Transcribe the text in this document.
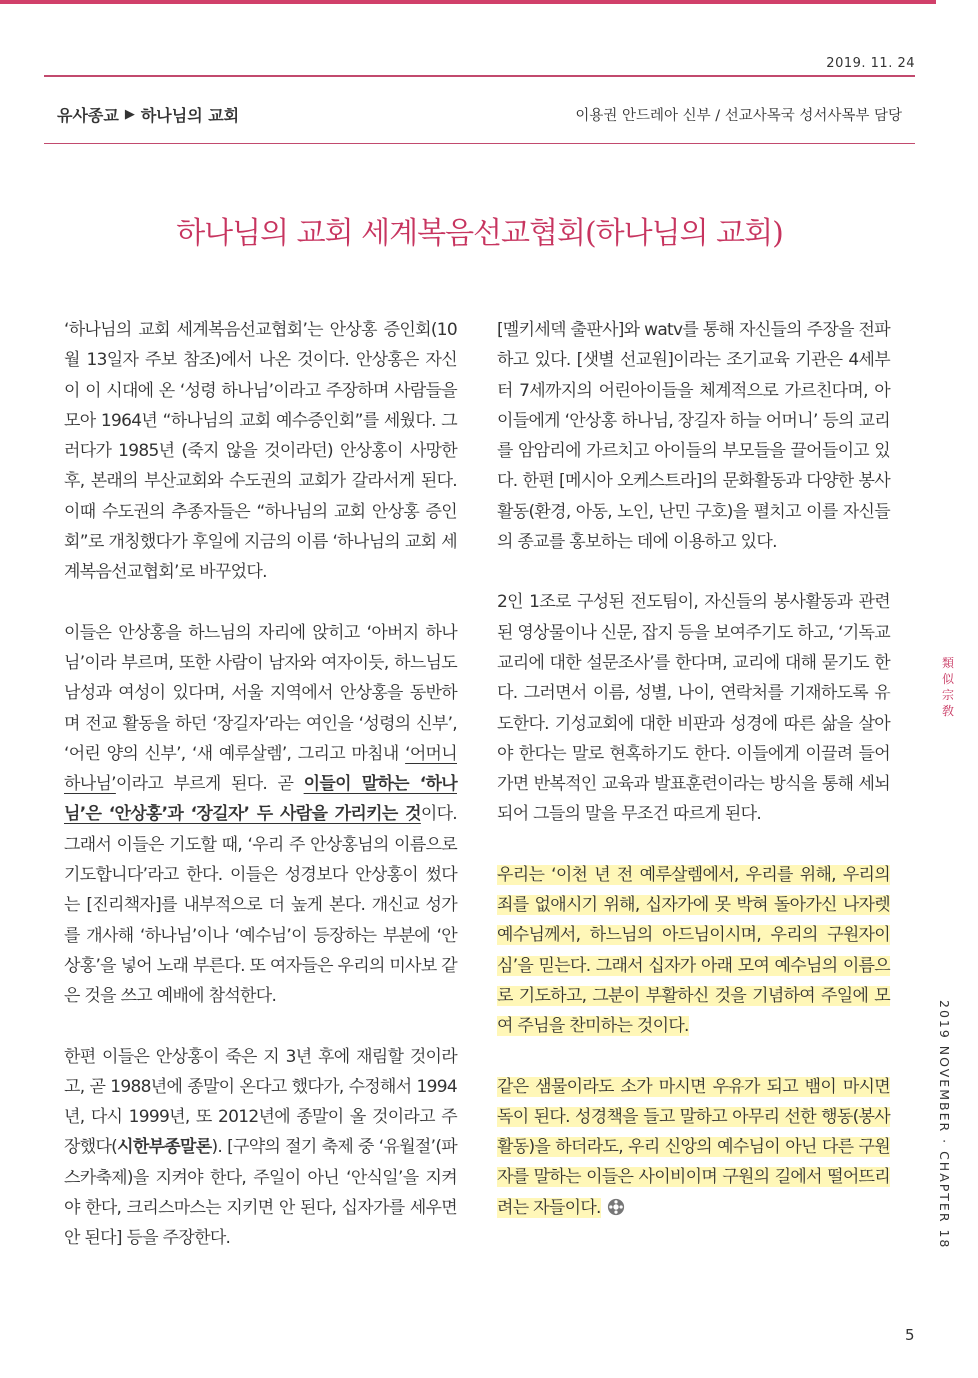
2019. 11. 24
유사종교 ▶ 하나님의 교회	이용권 안드레아 신부 / 선교사목국 성서사목부 담당
하나님의 교회 세계복음선교협회(하나님의 교회)

‘하나님의 교회 세계복음선교협회’는 안상홍 증인회(10월 13일자 주보 참조)에서 나온 것이다. 안상홍은 자신이 이 시대에 온 ‘성령 하나님’이라고 주장하며 사람들을 모아 1964년 “하나님의 교회 예수증인회”를 세웠다. 그러다가 1985년 (죽지 않을 것이라던) 안상홍이 사망한 후, 본래의 부산교회와 수도권의 교회가 갈라서게 된다. 이때 수도권의 추종자들은 “하나님의 교회 안상홍 증인회”로 개칭했다가 후일에 지금의 이름 ‘하나님의 교회 세계복음선교협회’로 바꾸었다.

이들은 안상홍을 하느님의 자리에 앉히고 ‘아버지 하나님’이라 부르며, 또한 사람이 남자와 여자이듯, 하느님도 남성과 여성이 있다며, 서울 지역에서 안상홍을 동반하며 전교 활동을 하던 ‘장길자’라는 여인을 ‘성령의 신부’, ‘어린 양의 신부’, ‘새 예루살렘’, 그리고 마침내 ‘어머니 하나님’이라고 부르게 된다. 곧 이들이 말하는 ‘하나님’은 ‘안상홍’과 ‘장길자’ 두 사람을 가리키는 것이다. 그래서 이들은 기도할 때, ‘우리 주 안상홍님의 이름으로 기도합니다’라고 한다. 이들은 성경보다 안상홍이 썼다는 [진리책자]를 내부적으로 더 높게 본다. 개신교 성가를 개사해 ‘하나님’이나 ‘예수님’이 등장하는 부분에 ‘안상홍’을 넣어 노래 부른다. 또 여자들은 우리의 미사보 같은 것을 쓰고 예배에 참석한다.

한편 이들은 안상홍이 죽은 지 3년 후에 재림할 것이라고, 곧 1988년에 종말이 온다고 했다가, 수정해서 1994년, 다시 1999년, 또 2012년에 종말이 올 것이라고 주장했다(시한부종말론). [구약의 절기 축제 중 ‘유월절’(파스카축제)을 지켜야 한다, 주일이 아닌 ‘안식일’을 지켜야 한다, 크리스마스는 지키면 안 된다, 십자가를 세우면 안 된다] 등을 주장한다.

[멜키세덱 출판사]와 watv를 통해 자신들의 주장을 전파하고 있다. [샛별 선교원]이라는 조기교육 기관은 4세부터 7세까지의 어린아이들을 체계적으로 가르친다며, 아이들에게 ‘안상홍 하나님, 장길자 하늘 어머니’ 등의 교리를 암암리에 가르치고 아이들의 부모들을 끌어들이고 있다. 한편 [메시아 오케스트라]의 문화활동과 다양한 봉사활동(환경, 아동, 노인, 난민 구호)을 펼치고 이를 자신들의 종교를 홍보하는 데에 이용하고 있다.

2인 1조로 구성된 전도팀이, 자신들의 봉사활동과 관련된 영상물이나 신문, 잡지 등을 보여주기도 하고, ‘기독교 교리에 대한 설문조사’를 한다며, 교리에 대해 묻기도 한다. 그러면서 이름, 성별, 나이, 연락처를 기재하도록 유도한다. 기성교회에 대한 비판과 성경에 따른 삶을 살아야 한다는 말로 현혹하기도 한다. 이들에게 이끌려 들어가면 반복적인 교육과 발표훈련이라는 방식을 통해 세뇌되어 그들의 말을 무조건 따르게 된다.

우리는 ‘이천 년 전 예루살렘에서, 우리를 위해, 우리의 죄를 없애시기 위해, 십자가에 못 박혀 돌아가신 나자렛 예수님께서, 하느님의 아드님이시며, 우리의 구원자이심’을 믿는다. 그래서 십자가 아래 모여 예수님의 이름으로 기도하고, 그분이 부활하신 것을 기념하여 주일에 모여 주님을 찬미하는 것이다.

같은 샘물이라도 소가 마시면 우유가 되고 뱀이 마시면 독이 된다. 성경책을 들고 말하고 아무리 선한 행동(봉사활동)을 하더라도, 우리 신앙의 예수님이 아닌 다른 구원자를 말하는 이들은 사이비이며 구원의 길에서 떨어뜨리려는 자들이다.

類
似
宗
敎
2019 NOVEMBER · CHAPTER 18
5
